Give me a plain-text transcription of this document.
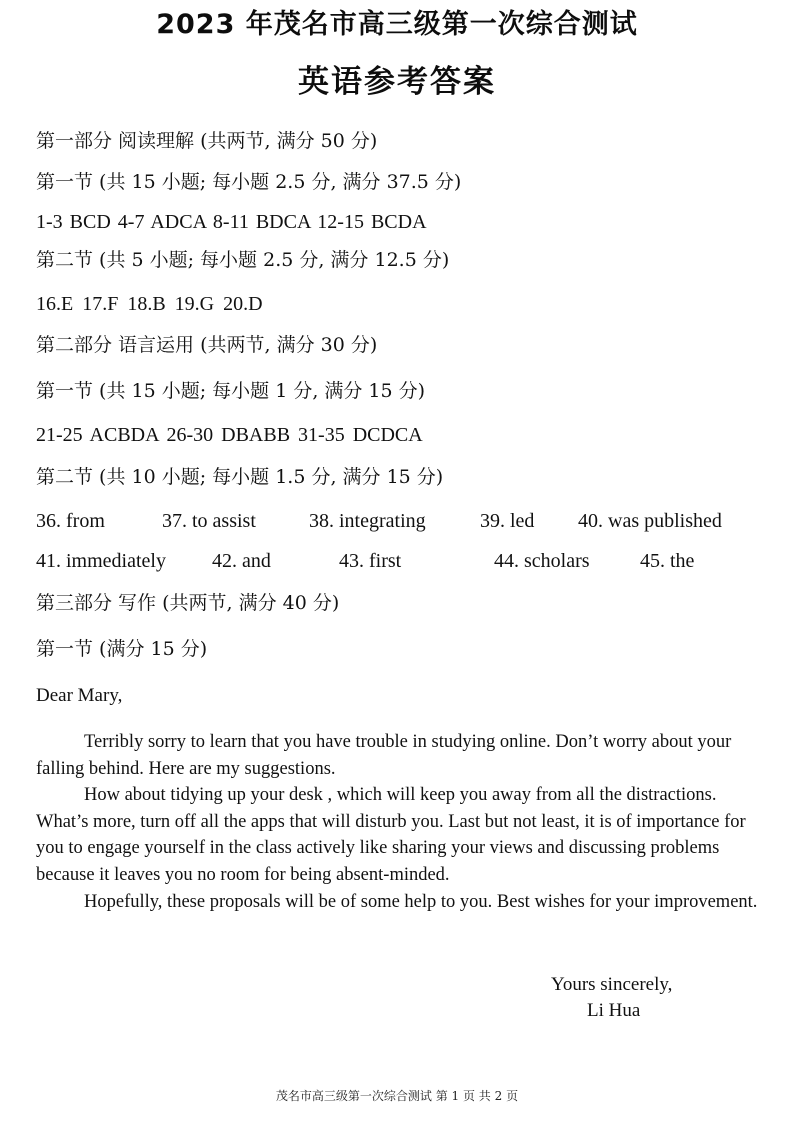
2023 年茂名市高三级第一次综合测试
英语参考答案
第一部分 阅读理解 (共两节, 满分 50 分)
第一节 (共 15 小题; 每小题 2.5 分, 满分 37.5 分)
1-3 BCD 4-7 ADCA 8-11 BDCA 12-15 BCDA
第二节 (共 5 小题; 每小题 2.5 分, 满分 12.5 分)
16.E 17.F 18.B 19.G 20.D
第二部分 语言运用 (共两节, 满分 30 分)
第一节 (共 15 小题; 每小题 1 分, 满分 15 分)
21-25 ACBDA 26-30 DBABB 31-35 DCDCA
第二节 (共 10 小题; 每小题 1.5 分, 满分 15 分)
36. from	37. to assist	38. integrating	39. led 40. was published
41. immediately 42. and	43. first	44. scholars	45. the
第三部分 写作 (共两节, 满分 40 分)
第一节 (满分 15 分)
Dear Mary,

Terribly sorry to learn that you have trouble in studying online. Don’t worry about your falling behind. Here are my suggestions.

How about tidying up your desk , which will keep you away from all the distractions. What’s more, turn off all the apps that will disturb you. Last but not least, it is of importance for you to engage yourself in the class actively like sharing your views and discussing problems because it leaves you no room for being absent-minded.

Hopefully, these proposals will be of some help to you. Best wishes for your improvement.

Yours sincerely,
Li Hua
茂名市高三级第一次综合测试 第 1 页 共 2 页
